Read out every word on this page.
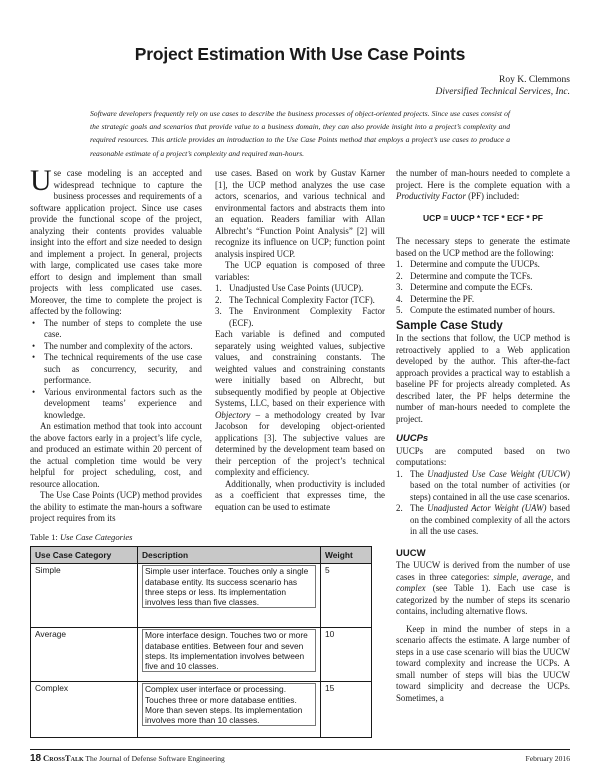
Project Estimation With Use Case Points
Roy K. Clemmons
Diversified Technical Services, Inc.
Software developers frequently rely on use cases to describe the business processes of object-oriented projects. Since use cases consist of the strategic goals and scenarios that provide value to a business domain, they can also provide insight into a project’s complexity and required resources. This article provides an introduction to the Use Case Points method that employs a project’s use cases to produce a reasonable estimate of a project’s complexity and required man-hours.

Use case modeling is an accepted and widespread technique to capture the business processes and requirements of a software application project. Since use cases provide the functional scope of the project, analyzing their contents provides valuable insight into the effort and size needed to design and implement a project. In general, projects with large, complicated use cases take more effort to design and implement than small projects with less complicated use cases. Moreover, the time to complete the project is affected by the following:

• The number of steps to complete the use case.
• The number and complexity of the actors.
• The technical requirements of the use case such as concurrency, security, and performance.
• Various environmental factors such as the development teams’ experience and knowledge.

An estimation method that took into account the above factors early in a project’s life cycle, and produced an estimate within 20 percent of the actual completion time would be very helpful for project scheduling, cost, and resource allocation.

The Use Case Points (UCP) method provides the ability to estimate the man-hours a software project requires from its

use cases. Based on work by Gustav Karner [1], the UCP method analyzes the use case actors, scenarios, and various technical and environmental factors and abstracts them into an equation. Readers familiar with Allan Albrecht’s “Function Point Analysis” [2] will recognize its influence on UCP; function point analysis inspired UCP.

The UCP equation is composed of three variables:

1. Unadjusted Use Case Points (UUCP).
2. The Technical Complexity Factor (TCF).
3. The Environment Complexity Factor (ECF).

Each variable is defined and computed separately using weighted values, subjective values, and constraining constants. The weighted values and constraining constants were initially based on Albrecht, but subsequently modified by people at Objective Systems, LLC, based on their experience with Objectory – a methodology created by Ivar Jacobson for developing object-oriented applications [3]. The subjective values are determined by the development team based on their perception of the project’s technical complexity and efficiency.

Additionally, when productivity is included as a coefficient that expresses time, the equation can be used to estimate

the number of man-hours needed to complete a project. Here is the complete equation with a Productivity Factor (PF) included:

UCP = UUCP * TCF * ECF * PF

The necessary steps to generate the estimate based on the UCP method are the following:

1. Determine and compute the UUCPs.
2. Determine and compute the TCFs.
3. Determine and compute the ECFs.
4. Determine the PF.
5. Compute the estimated number of hours.
Sample Case Study

In the sections that follow, the UCP method is retroactively applied to a Web application developed by the author. This after-the-fact approach provides a practical way to establish a baseline PF for projects already completed. As described later, the PF helps determine the number of man-hours needed to complete the project.

UUCPs

UUCPs are computed based on two computations:

1. The Unadjusted Use Case Weight (UUCW) based on the total number of activities (or steps) contained in all the use case scenarios.
2. The Unadjusted Actor Weight (UAW) based on the combined complexity of all the actors in all the use cases.
UUCW

The UUCW is derived from the number of use cases in three categories: simple, average, and complex (see Table 1). Each use case is categorized by the number of steps its scenario contains, including alternative flows.

Keep in mind the number of steps in a scenario affects the estimate. A large number of steps in a use case scenario will bias the UUCW toward complexity and increase the UCPs. A small number of steps will bias the UUCW toward simplicity and decrease the UCPs. Sometimes, a

Table 1: Use Case Categories
Use Case Category	Description	Weight
Simple	Simple user interface. Touches only a single database entity. Its success scenario has three steps or less. Its implementation involves less than five classes.	5
Average	More interface design. Touches two or more database entities. Between four and seven steps. Its implementation involves between five and 10 classes.	10
Complex	Complex user interface or processing. Touches three or more database entities. More than seven steps. Its implementation involves more than 10 classes.	15
18 CrossTalk The Journal of Defense Software Engineering	February 2016
